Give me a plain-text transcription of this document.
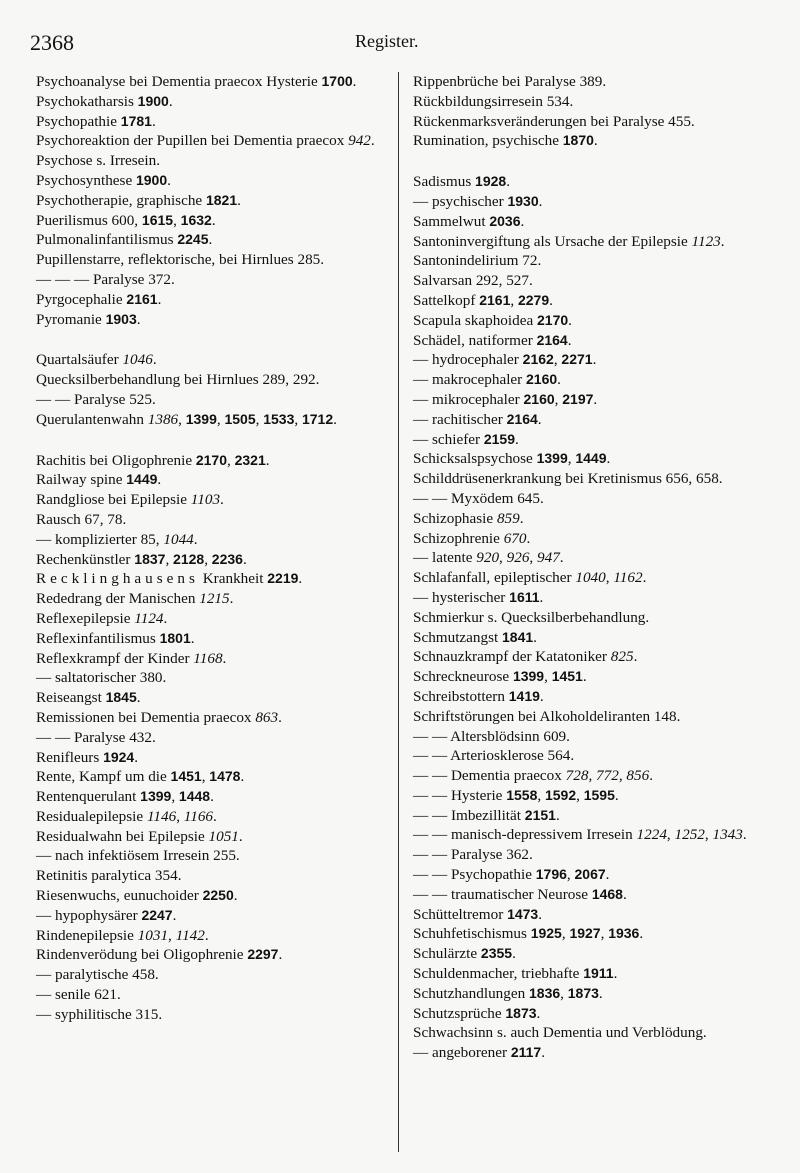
2368	Register.

Psychoanalyse bei Dementia praecox Hysterie 1700.

Psychokatharsis 1900.

Psychopathie 1781.

Psychoreaktion der Pupillen bei Dementia praecox 942.

Psychose s. Irresein.

Psychosynthese 1900.

Psychotherapie, graphische 1821.

Puerilismus 600, 1615, 1632.

Pulmonalinfantilismus 2245.

Pupillenstarre, reflektorische, bei Hirnlues 285.

— — — Paralyse 372.

Pyrgocephalie 2161.

Pyromanie 1903.

Quartalsäufer 1046.

Quecksilberbehandlung bei Hirnlues 289, 292.

— — Paralyse 525.

Querulantenwahn 1386, 1399, 1505, 1533, 1712.

Rachitis bei Oligophrenie 2170, 2321.

Railway spine 1449.

Randgliose bei Epilepsie 1103.

Rausch 67, 78.

— komplizierter 85, 1044.

Rechenkünstler 1837, 2128, 2236.

Recklinghausens Krankheit 2219.

Rededrang der Manischen 1215.

Reflexepilepsie 1124.

Reflexinfantilismus 1801.

Reflexkrampf der Kinder 1168.

— saltatorischer 380.

Reiseangst 1845.

Remissionen bei Dementia praecox 863.

— — Paralyse 432.

Renifleurs 1924.

Rente, Kampf um die 1451, 1478.

Rentenquerulant 1399, 1448.

Residualepilepsie 1146, 1166.

Residualwahn bei Epilepsie 1051.

— nach infektiösem Irresein 255.

Retinitis paralytica 354.

Riesenwuchs, eunuchoider 2250.

— hypophysärer 2247.

Rindenepilepsie 1031, 1142.

Rindenverödung bei Oligophrenie 2297.

— paralytische 458.

— senile 621.

— syphilitische 315.

Rippenbrüche bei Paralyse 389.

Rückbildungsirresein 534.

Rückenmarksveränderungen bei Paralyse 455.

Rumination, psychische 1870.

Sadismus 1928.

— psychischer 1930.

Sammelwut 2036.

Santoninvergiftung als Ursache der Epilepsie 1123.

Santonindelirium 72.

Salvarsan 292, 527.

Sattelkopf 2161, 2279.

Scapula skaphoidea 2170.

Schädel, natiformer 2164.

— hydrocephaler 2162, 2271.

— makrocephaler 2160.

— mikrocephaler 2160, 2197.

— rachitischer 2164.

— schiefer 2159.

Schicksalspsychose 1399, 1449.

Schilddrüsenerkrankung bei Kretinismus 656, 658.

— — Myxödem 645.

Schizophasie 859.

Schizophrenie 670.

— latente 920, 926, 947.

Schlafanfall, epileptischer 1040, 1162.

— hysterischer 1611.

Schmierkur s. Quecksilberbehandlung.

Schmutzangst 1841.

Schnauzkrampf der Katatoniker 825.

Schreckneurose 1399, 1451.

Schreibstottern 1419.

Schriftstörungen bei Alkoholdeliranten 148.

— — Altersblödsinn 609.

— — Arteriosklerose 564.

— — Dementia praecox 728, 772, 856.

— — Hysterie 1558, 1592, 1595.

— — Imbezillität 2151.

— — manisch-depressivem Irresein 1224, 1252, 1343.

— — Paralyse 362.

— — Psychopathie 1796, 2067.

— — traumatischer Neurose 1468.

Schütteltremor 1473.

Schuhfetischismus 1925, 1927, 1936.

Schulärzte 2355.

Schuldenmacher, triebhafte 1911.

Schutzhandlungen 1836, 1873.

Schutzsprüche 1873.

Schwachsinn s. auch Dementia und Verblödung.

— angeborener 2117.
